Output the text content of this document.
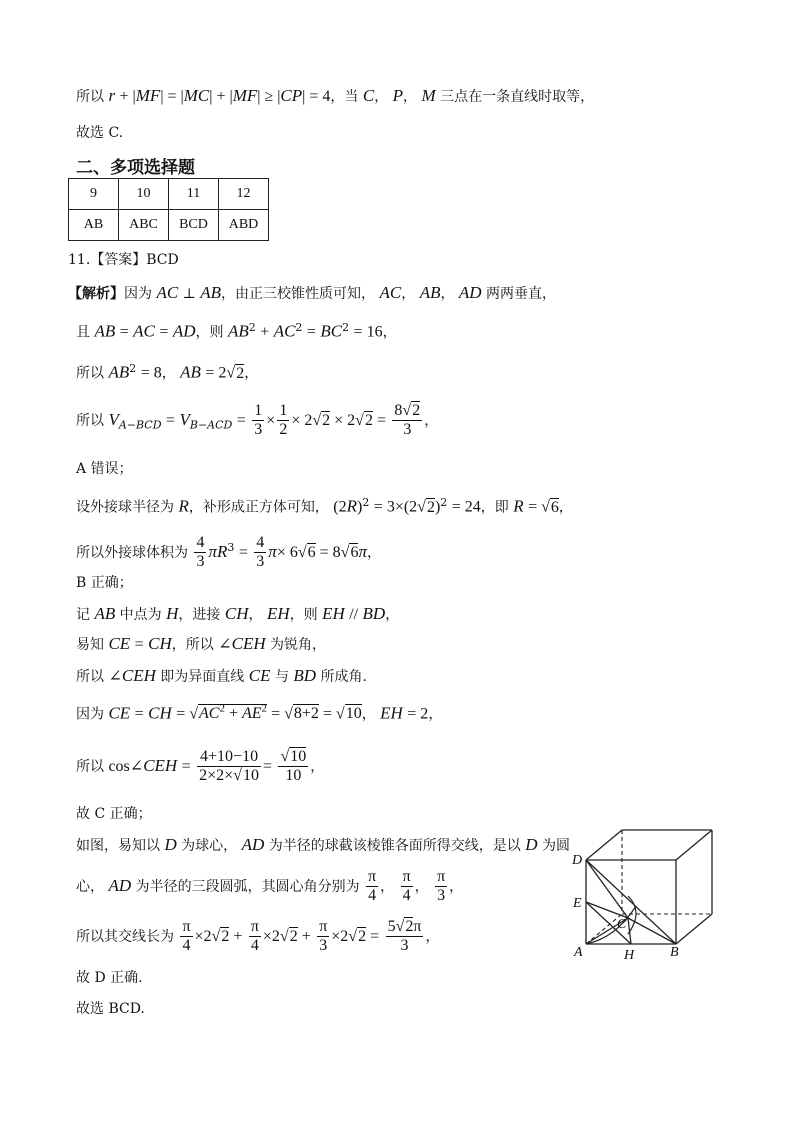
所以 r + |MF| = |MC| + |MF| ≥ |CP| = 4，当 C， P， M 三点在一条直线时取等，
故选 C.
二、多项选择题
9	10	11	12
AB	ABC	BCD	ABD
11.【答案】BCD
【解析】因为 AC ⊥ AB，由正三校锥性质可知， AC， AB， AD 两两垂直，
且 AB = AC = AD，则 $AB^2 + AC^2 = BC^2 = 16$，
所以 $AB^2 = 8$， AB = 2√2，
所以 $V_{A-BCD} = V_{B-ACD} = \frac{1}{3} \times \frac{1}{2} \times 2√2 \times 2√2 = \frac{8√2}{3}$ ，
A 错误；
设外接球半径为 R，补形成正方体可知， $(2R)^2 = 3\times(2√2)^2 = 24$，即 R = √6，
所以外接球体积为 $\frac{4}{3} \pi R^3 = \frac{4}{3} \pi\times 6√6 = 8√6\pi$，
B 正确；
记 AB 中点为 H，进接 CH， EH，则 EH // BD，
易知 CE = CH，所以 ∠CEH 为锐角，
所以 ∠CEH 即为异面直线 CE 与 BD 所成角.
因为 CE = CH = $√AC^2 + AE^2 = √8+2 = √10$， EH = 2，
所以 cos∠CEH = $\frac{4+10-10}{2\times 2\times√10} = \frac{√10}{10}$ ，
故 C 正确；
如图，易知以 D 为球心， AD 为半径的球截该棱锥各面所得交线，是以 D 为圆
心， AD 为半径的三段圆弧，其圆心角分别为 $\frac{\pi}{4}$ ， $\frac{\pi}{4}$ ， $\frac{\pi}{3}$ ，
所以其交线长为 $\frac{\pi}{4} \times 2√2 + \frac{\pi}{4} \times 2√2 + \frac{\pi}{3} \times 2√2 = \frac{5√2\pi}{3}$ ，
故 D 正确.
故选 BCD.
D
E
C
A	H	B
